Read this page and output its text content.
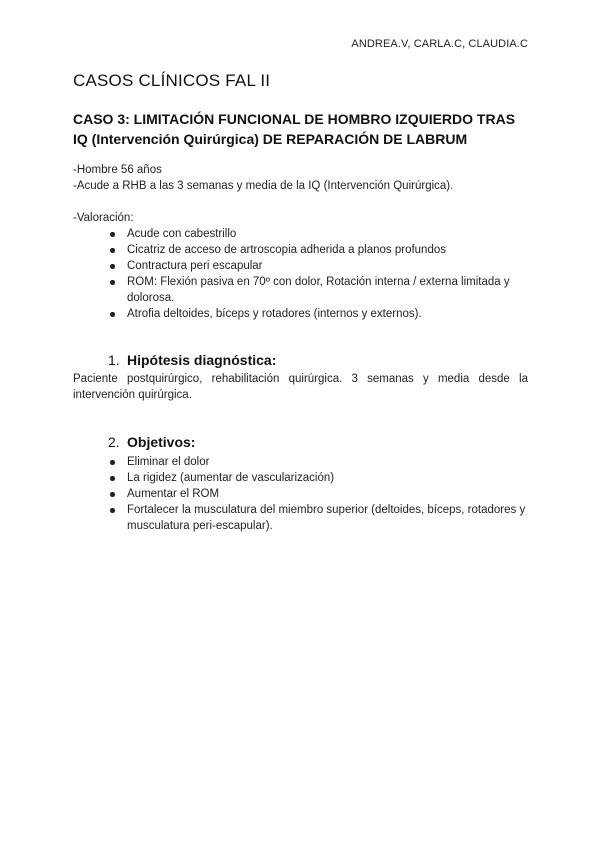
ANDREA.V, CARLA.C, CLAUDIA.C
CASOS CLÍNICOS FAL II
CASO 3: LIMITACIÓN FUNCIONAL DE HOMBRO IZQUIERDO TRAS
IQ (Intervención Quirúrgica) DE REPARACIÓN DE LABRUM

-Hombre 56 años

-Acude a RHB a las 3 semanas y media de la IQ (Intervención Quirúrgica).

-Valoración:

Acude con cabestrillo
Cicatriz de acceso de artroscopia adherida a planos profundos
Contractura peri escapular
ROM: Flexión pasiva en 70º con dolor, Rotación interna / externa limitada y dolorosa.
Atrofia deltoides, bíceps y rotadores (internos y externos).
1. Hipótesis diagnóstica:

Paciente postquirúrgico, rehabilitación quirúrgica. 3 semanas y media desde la intervención quirúrgica.

2. Objetivos:
Eliminar el dolor
La rigidez (aumentar de vascularización)
Aumentar el ROM
Fortalecer la musculatura del miembro superior (deltoides, bíceps, rotadores y musculatura peri-escapular).
